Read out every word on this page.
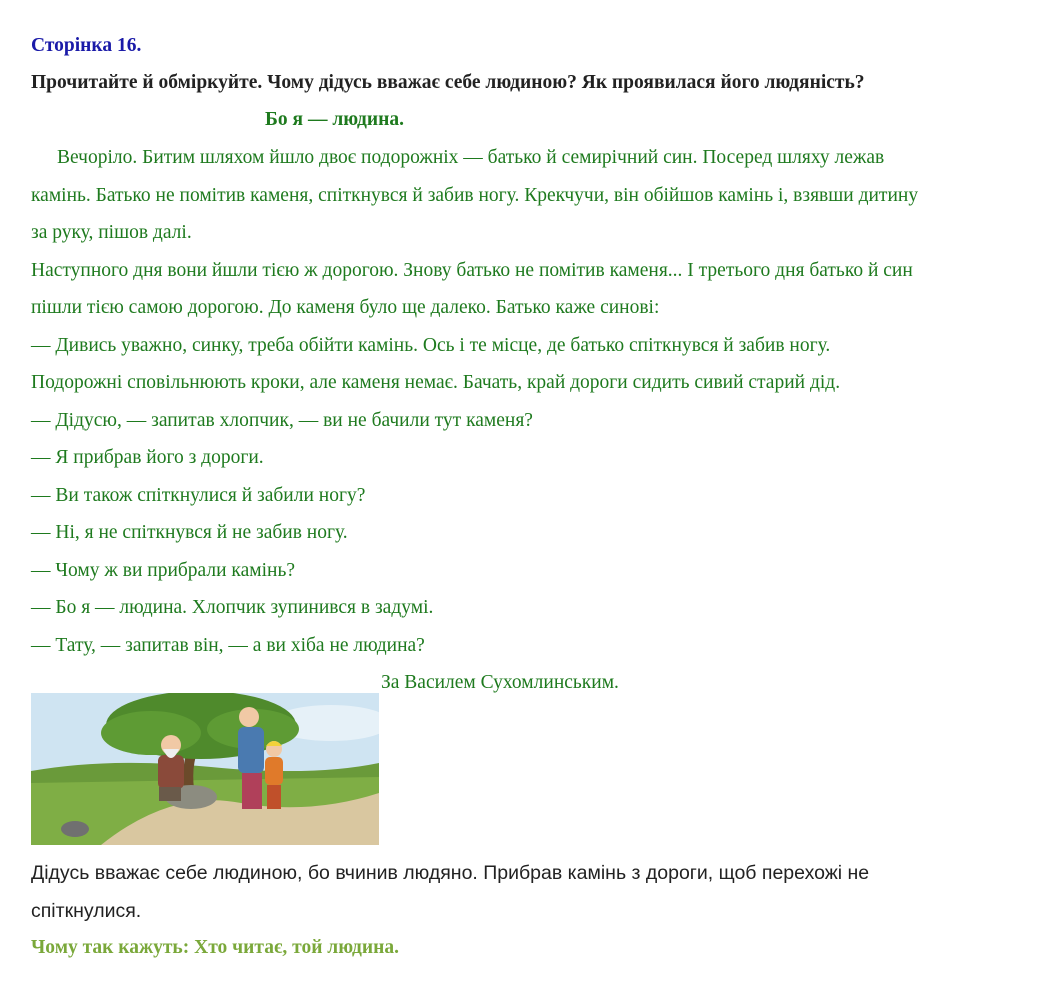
Сторінка 16.
Прочитайте й обміркуйте. Чому дідусь вважає себе людиною? Як проявилася його людяність?
Бо я — людина.
Вечоріло. Битим шляхом йшло двоє подорожніх — батько й семирічний син. Посеред шляху лежав
камінь. Батько не помітив каменя, спіткнувся й забив ногу. Крекчучи, він обійшов камінь і, взявши дитину
за руку, пішов далі.
Наступного дня вони йшли тією ж дорогою. Знову батько не помітив каменя... І третього дня батько й син
пішли тією самою дорогою. До каменя було ще далеко. Батько каже синові:
— Дивись уважно, синку, треба обійти камінь. Ось і те місце, де батько спіткнувся й забив ногу.
Подорожні сповільнюють кроки, але каменя немає. Бачать, край дороги сидить сивий старий дід.
— Дідусю, — запитав хлопчик, — ви не бачили тут каменя?
— Я прибрав його з дороги.
— Ви також спіткнулися й забили ногу?
— Ні, я не спіткнувся й не забив ногу.
— Чому ж ви прибрали камінь?
— Бо я — людина. Хлопчик зупинився в задумі.
— Тату, — запитав він, — а ви хіба не людина?
За Василем Сухомлинським.
Дідусь вважає себе людиною, бо вчинив людяно. Прибрав камінь з дороги, щоб перехожі не
спіткнулися.
Чому так кажуть: Хто читає, той людина.
